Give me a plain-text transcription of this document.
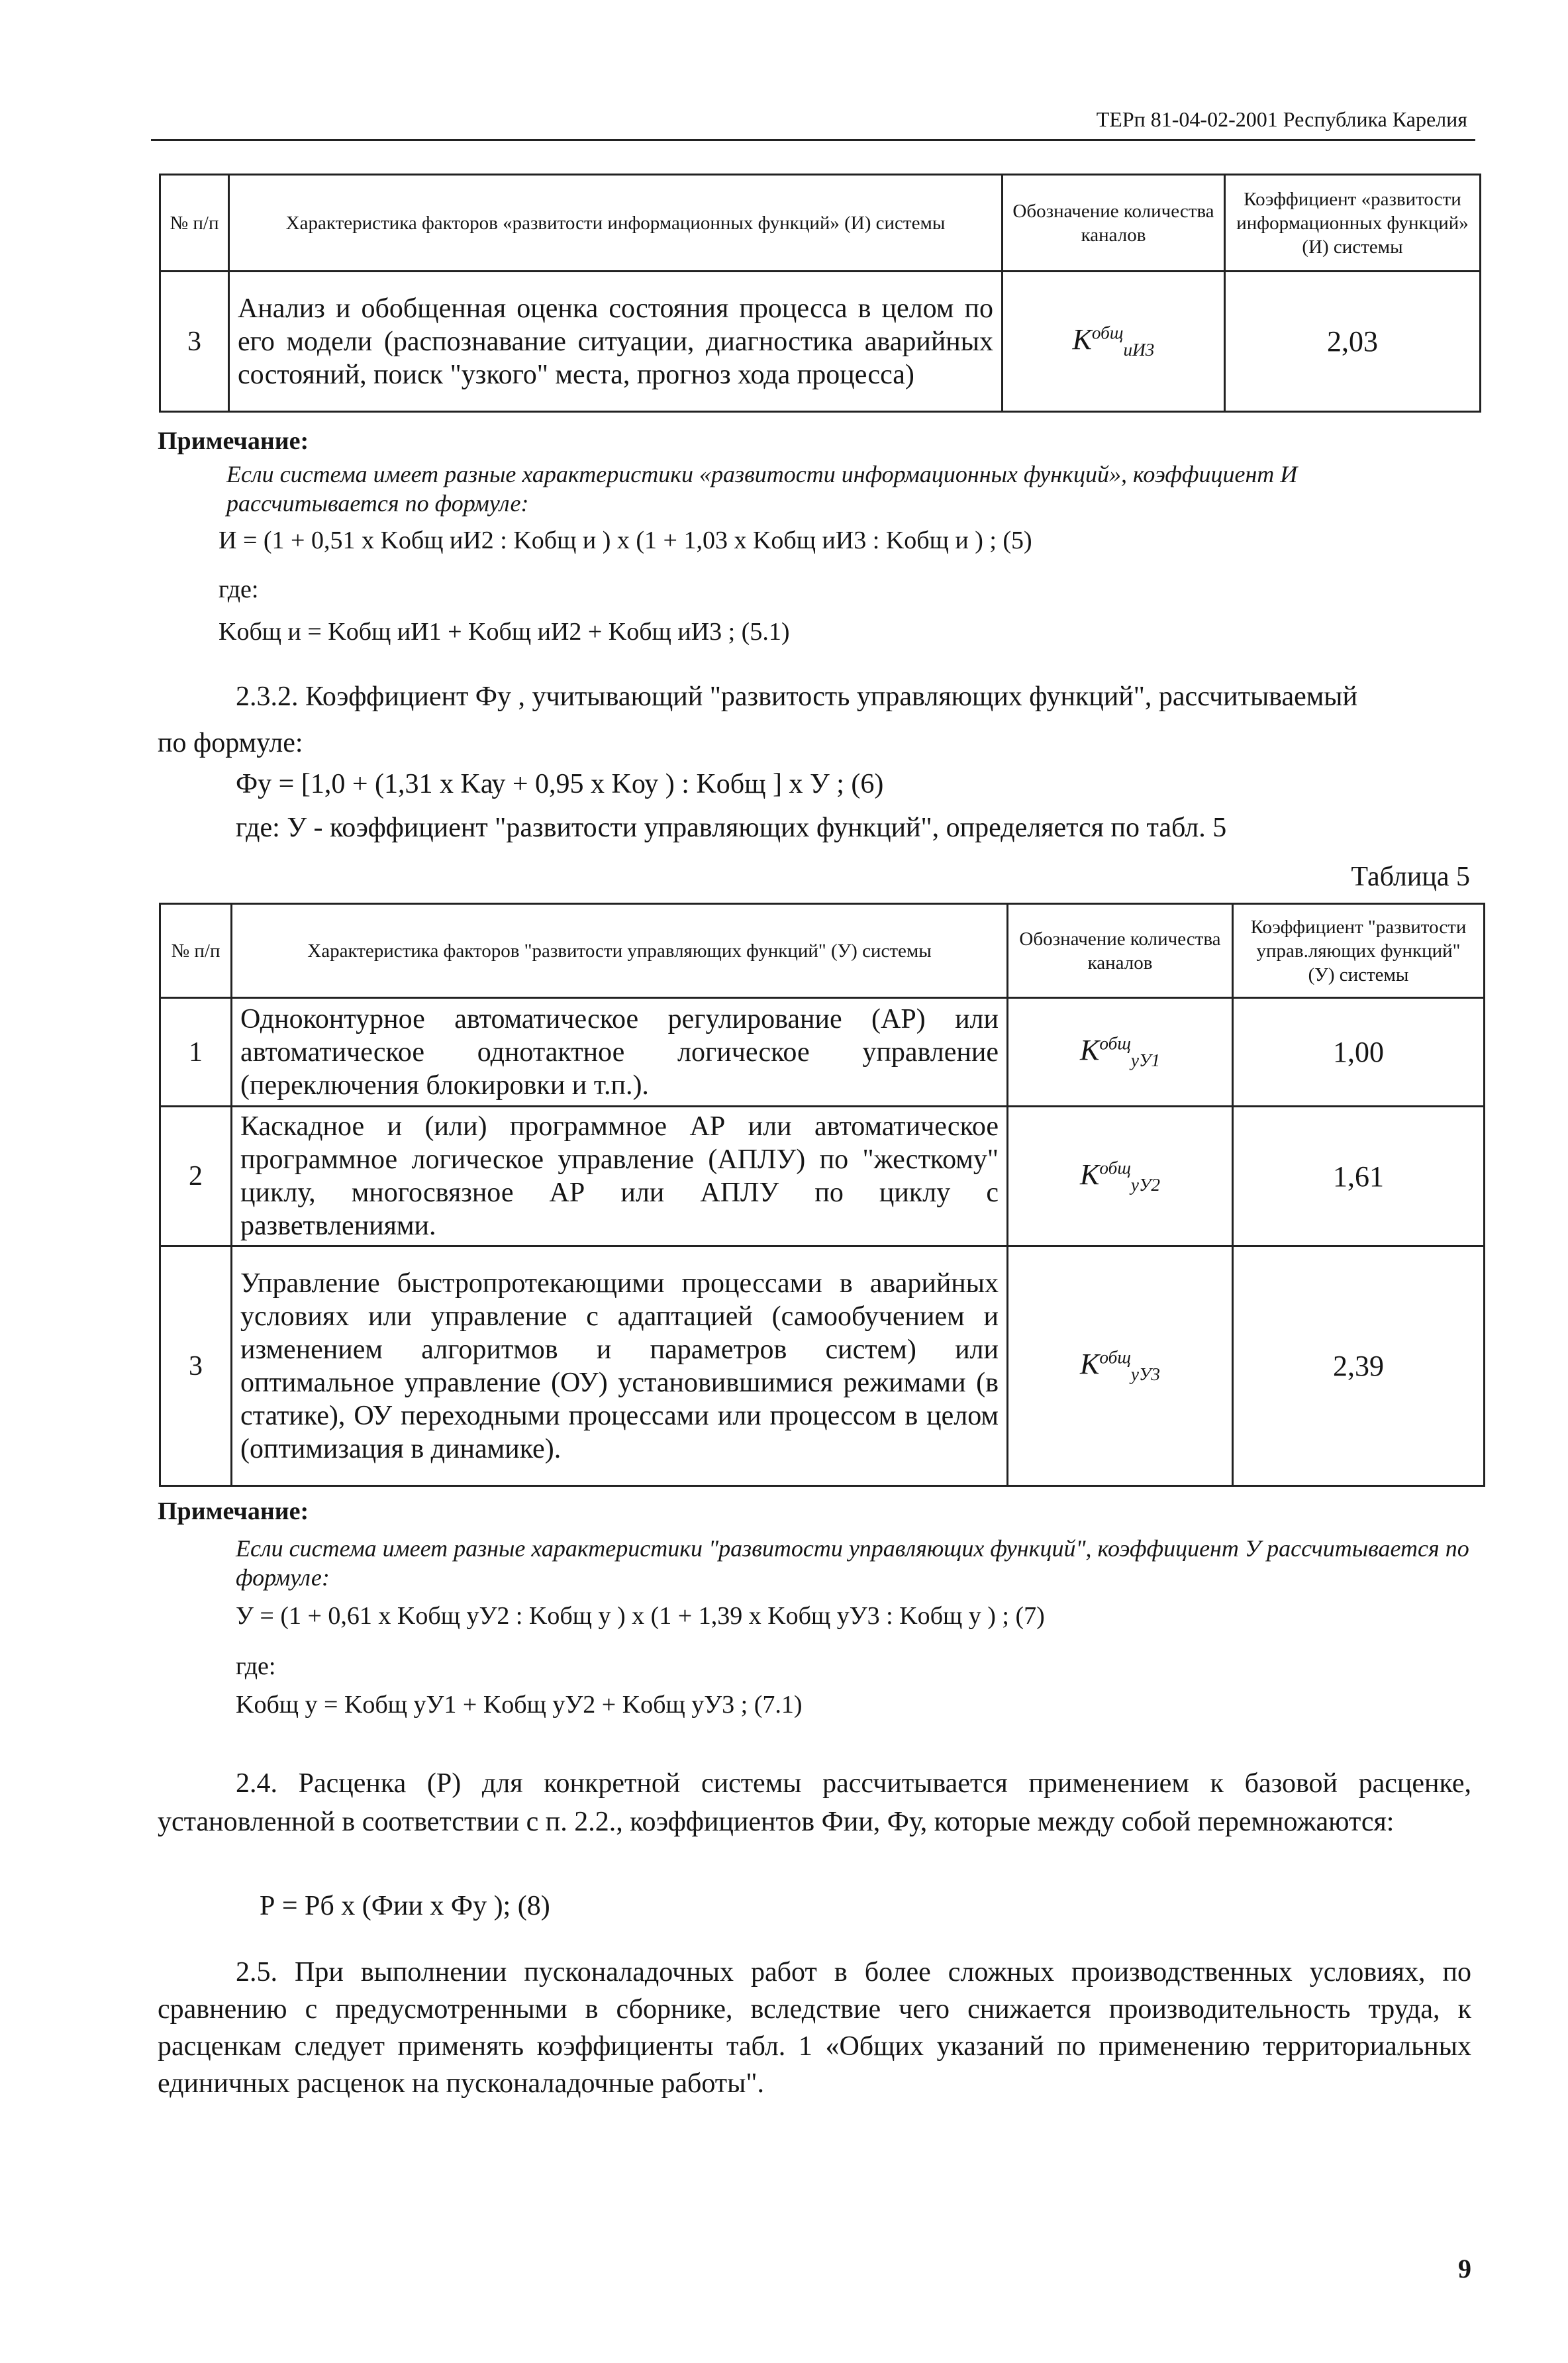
ТЕРп 81-04-02-2001 Республика Карелия
№ п/п	Характеристика факторов «развитости информационных функций» (И) системы	Обозначение количества каналов	Коэффициент «развитости информационных функций» (И) системы
3	Анализ и обобщенная оценка состояния процесса в целом по его модели (распознавание ситуации, диагностика аварийных состояний, поиск "узкого" места, прогноз хода процесса)	$K^{общ}_{иИ3}$	2,03
Примечание:
Если система имеет разные характеристики «развитости информационных функций», коэффициент И рассчитывается по формуле:
И = (1 + 0,51 х Kобщ иИ2 : Kобщ и ) х (1 + 1,03 х Kобщ иИ3 : Kобщ и ) ; (5)
где:
Kобщ и = Kобщ иИ1 + Kобщ иИ2 + Kобщ иИ3 ; (5.1)
2.3.2. Коэффициент Фу , учитывающий "развитость управляющих функций", рассчитываемый
по формуле:
Фу = [1,0 + (1,31 х Kау + 0,95 х Kоу ) : Kобщ ] х У ; (6)
где: У - коэффициент "развитости управляющих функций", определяется по табл. 5
Таблица 5
№ п/п	Характеристика факторов "развитости управляющих функций" (У) системы	Обозначение количества каналов	Коэффициент "развитости управ.ляющих функций" (У) системы
1	Одноконтурное автоматическое регулирование (АР) или автоматическое однотактное логическое управление (переключения блокировки и т.п.).	$K^{общ}_{уУ1}$	1,00
2	Каскадное и (или) программное АР или автоматическое программное логическое управление (АПЛУ) по "жесткому" циклу, многосвязное АР или АПЛУ по циклу с разветвлениями.	$K^{общ}_{уУ2}$	1,61
3	Управление быстропротекающими процессами в аварийных условиях или управление с адаптацией (самообучением и изменением алгоритмов и параметров систем) или оптимальное управление (ОУ) установившимися режимами (в статике), ОУ переходными процессами или процессом в целом (оптимизация в динамике).	$K^{общ}_{уУ3}$	2,39
Примечание:
Если система имеет разные характеристики "развитости управляющих функций", коэффициент У рассчитывается по формуле:
У = (1 + 0,61 х Kобщ уУ2 : Kобщ у ) х (1 + 1,39 х Kобщ уУ3 : Kобщ у ) ; (7)
где:
Kобщ у = Kобщ уУ1 + Kобщ уУ2 + Kобщ уУ3 ; (7.1)
2.4. Расценка (Р) для конкретной системы рассчитывается применением к базовой расценке, установленной в соответствии с п. 2.2., коэффициентов Фии, Фу, которые между собой перемножаются:
Р = Рб х (Фии х Фу ); (8)
2.5. При выполнении пусконаладочных работ в более сложных производственных условиях, по сравнению с предусмотренными в сборнике, вследствие чего снижается производительность труда, к расценкам следует применять коэффициенты табл. 1 «Общих указаний по применению территориальных единичных расценок на пусконаладочные работы".
9
